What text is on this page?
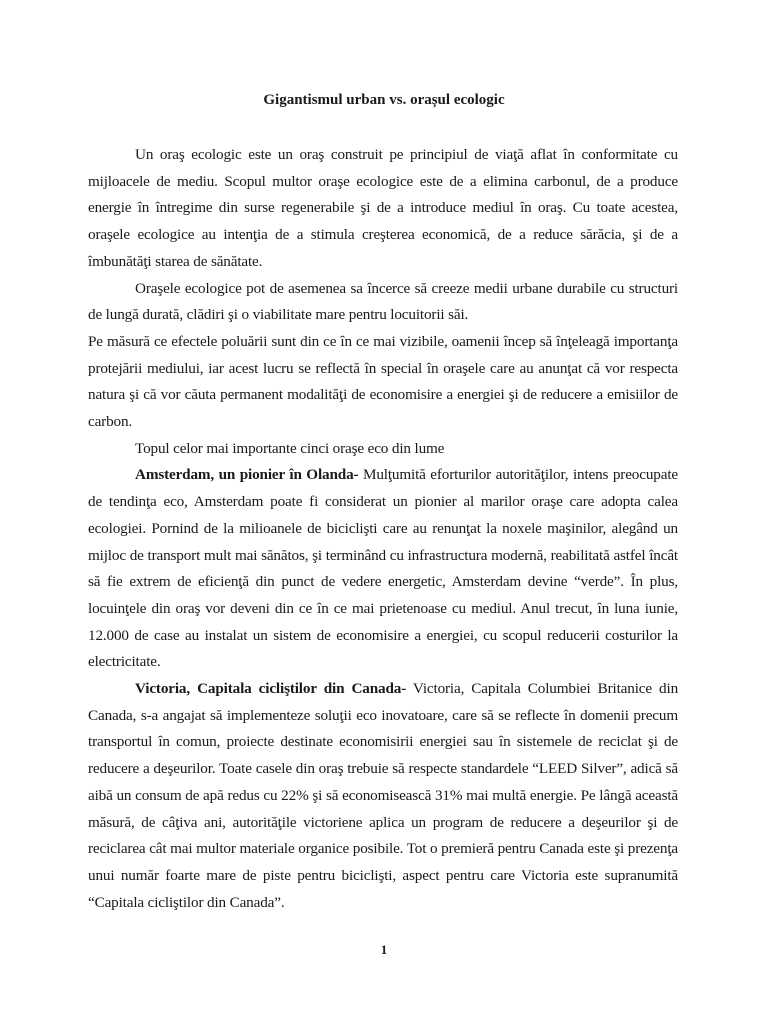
Gigantismul urban vs. orașul ecologic

Un oraş ecologic este un oraş construit pe principiul de viaţă aflat în conformitate cu mijloacele de mediu. Scopul multor oraşe ecologice este de a elimina carbonul, de a produce energie în întregime din surse regenerabile şi de a introduce mediul în oraş. Cu toate acestea, oraşele ecologice au intenţia de a stimula creşterea economică, de a reduce sărăcia, şi de a îmbunătăţi starea de sănătate.

Oraşele ecologice pot de asemenea sa încerce să creeze medii urbane durabile cu structuri de lungă durată, clădiri şi o viabilitate mare pentru locuitorii săi.

Pe măsură ce efectele poluării sunt din ce în ce mai vizibile, oamenii încep să înţeleagă importanţa protejării mediului, iar acest lucru se reflectă în special în oraşele care au anunţat că vor respecta natura şi că vor căuta permanent modalităţi de economisire a energiei şi de reducere a emisiilor de carbon.

Topul celor mai importante cinci oraşe eco din lume

Amsterdam, un pionier în Olanda- Mulţumită eforturilor autorităţilor, intens preocupate de tendinţa eco, Amsterdam poate fi considerat un pionier al marilor oraşe care adopta calea ecologiei. Pornind de la milioanele de biciclişti care au renunţat la noxele maşinilor, alegând un mijloc de transport mult mai sănătos, şi terminând cu infrastructura modernă, reabilitată astfel încât să fie extrem de eficienţă din punct de vedere energetic, Amsterdam devine “verde”. În plus, locuinţele din oraş vor deveni din ce în ce mai prietenoase cu mediul. Anul trecut, în luna iunie, 12.000 de case au instalat un sistem de economisire a energiei, cu scopul reducerii costurilor la electricitate.

Victoria, Capitala cicliştilor din Canada- Victoria, Capitala Columbiei Britanice din Canada, s-a angajat să implementeze soluţii eco inovatoare, care să se reflecte în domenii precum transportul în comun, proiecte destinate economisirii energiei sau în sistemele de reciclat şi de reducere a deşeurilor. Toate casele din oraş trebuie să respecte standardele “LEED Silver”, adică să aibă un consum de apă redus cu 22% şi să economisească 31% mai multă energie. Pe lângă această măsură, de câţiva ani, autorităţile victoriene aplica un program de reducere a deşeurilor şi de reciclarea cât mai multor materiale organice posibile. Tot o premieră pentru Canada este şi prezenţa unui număr foarte mare de piste pentru biciclişti, aspect pentru care Victoria este supranumită “Capitala cicliştilor din Canada”.

1
